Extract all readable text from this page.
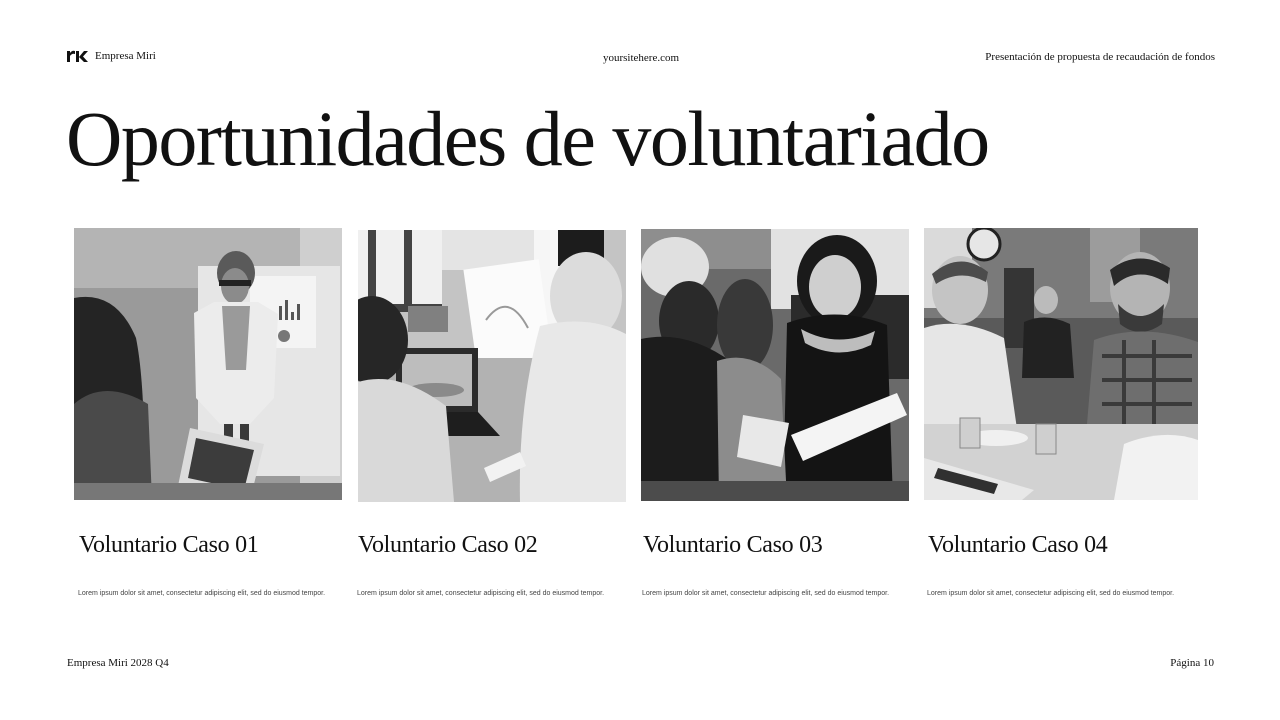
Empresa Miri	yoursitehere.com	Presentación de propuesta de recaudación de fondos
Oportunidades de voluntariado
Voluntario Caso 01

Lorem ipsum dolor sit amet, consectetur adipiscing elit, sed do eiusmod tempor.

Voluntario Caso 02

Lorem ipsum dolor sit amet, consectetur adipiscing elit, sed do eiusmod tempor.

Voluntario Caso 03

Lorem ipsum dolor sit amet, consectetur adipiscing elit, sed do eiusmod tempor.

Voluntario Caso 04

Lorem ipsum dolor sit amet, consectetur adipiscing elit, sed do eiusmod tempor.

Empresa Miri 2028 Q4	Página 10
